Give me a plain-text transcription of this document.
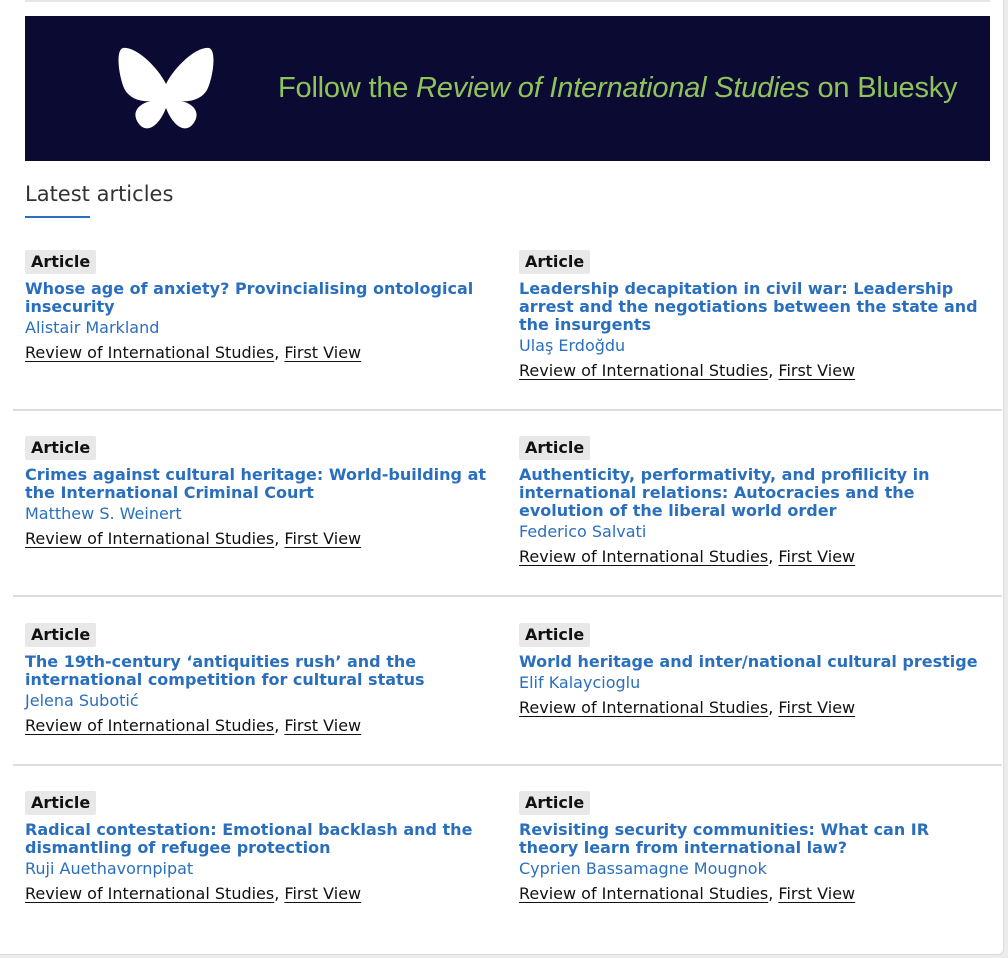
Follow the Review of International Studies on Bluesky
Latest articles
Article
Whose age of anxiety? Provincialising ontological insecurity
Alistair Markland
Review of International Studies, First View
Article
Leadership decapitation in civil war: Leadership arrest and the negotiations between the state and the insurgents
Ulaş Erdoğdu
Review of International Studies, First View
Article
Crimes against cultural heritage: World-building at the International Criminal Court
Matthew S. Weinert
Review of International Studies, First View
Article
Authenticity, performativity, and profilicity in international relations: Autocracies and the evolution of the liberal world order
Federico Salvati
Review of International Studies, First View
Article
The 19th-century ‘antiquities rush’ and the international competition for cultural status
Jelena Subotić
Review of International Studies, First View
Article
World heritage and inter/national cultural prestige
Elif Kalaycioglu
Review of International Studies, First View
Article
Radical contestation: Emotional backlash and the dismantling of refugee protection
Ruji Auethavornpipat
Review of International Studies, First View
Article
Revisiting security communities: What can IR theory learn from international law?
Cyprien Bassamagne Mougnok
Review of International Studies, First View
